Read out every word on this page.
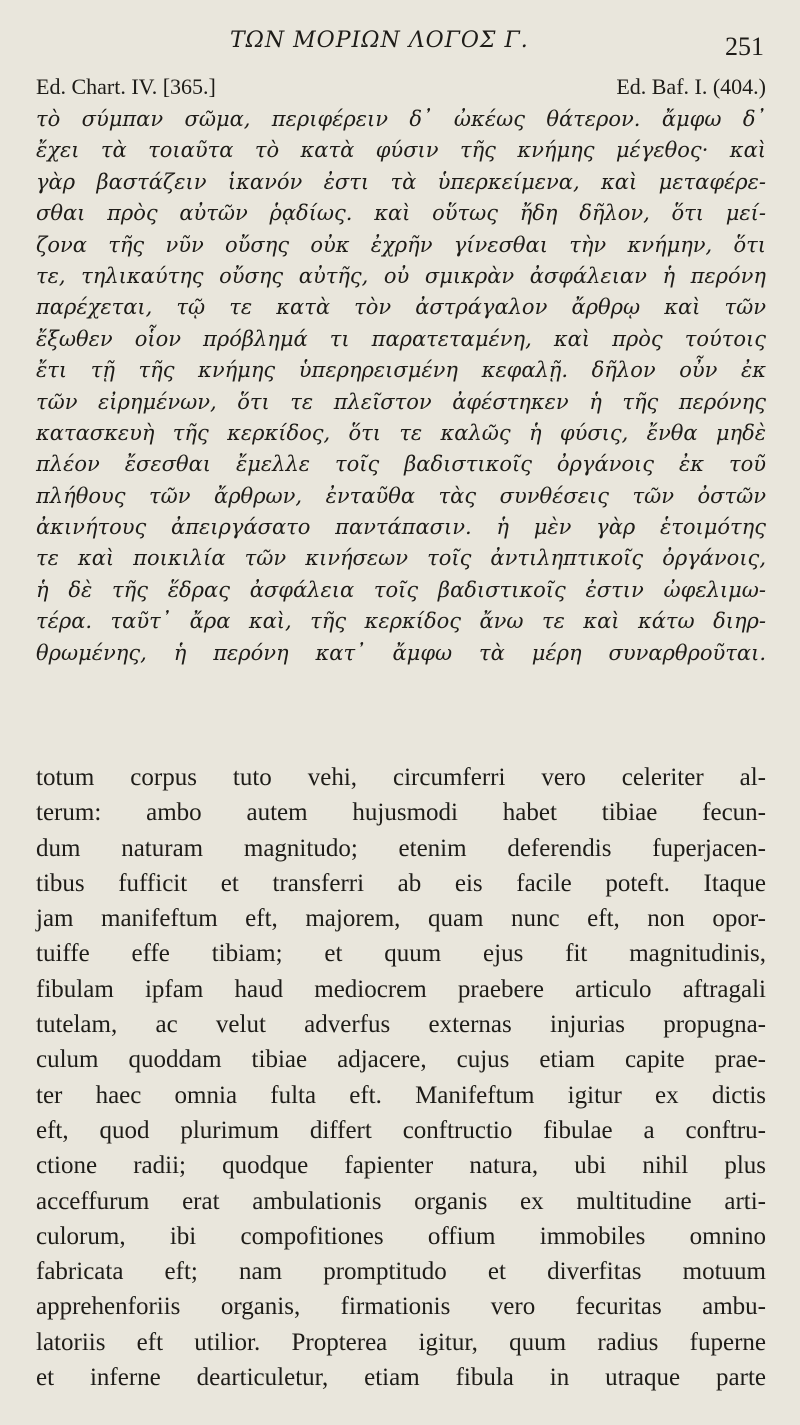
ΤΩΝ ΜΟΡΙΩΝ ΛΟΓΟΣ Γ.	251
Ed. Chart. IV. [365.]	Ed. Baf. I. (404.)
τὸ σύμπαν σῶμα, περιφέρειν δ᾽ ὠκέως θάτερον. ἄμφω δ᾽
ἔχει τὰ τοιαῦτα τὸ κατὰ φύσιν τῆς κνήμης μέγεθος· καὶ
γὰρ βαστάζειν ἱκανόν ἐστι τὰ ὑπερκείμενα, καὶ μεταφέρε-
σθαι πρὸς αὐτῶν ῥᾳδίως. καὶ οὕτως ἤδη δῆλον, ὅτι μεί-
ζονα τῆς νῦν οὔσης οὐκ ἐχρῆν γίνεσθαι τὴν κνήμην, ὅτι
τε, τηλικαύτης οὔσης αὐτῆς, οὐ σμικρὰν ἀσφάλειαν ἡ περόνη
παρέχεται, τῷ τε κατὰ τὸν ἀστράγαλον ἄρθρῳ καὶ τῶν
ἔξωθεν οἷον πρόβλημά τι παρατεταμένη, καὶ πρὸς τούτοις
ἔτι τῇ τῆς κνήμης ὑπερηρεισμένη κεφαλῇ. δῆλον οὖν ἐκ
τῶν εἰρημένων, ὅτι τε πλεῖστον ἀφέστηκεν ἡ τῆς περόνης
κατασκευὴ τῆς κερκίδος, ὅτι τε καλῶς ἡ φύσις, ἔνθα μηδὲ
πλέον ἔσεσθαι ἔμελλε τοῖς βαδιστικοῖς ὀργάνοις ἐκ τοῦ
πλήθους τῶν ἄρθρων, ἐνταῦθα τὰς συνθέσεις τῶν ὀστῶν
ἀκινήτους ἀπειργάσατο παντάπασιν. ἡ μὲν γὰρ ἑτοιμότης
τε καὶ ποικιλία τῶν κινήσεων τοῖς ἀντιληπτικοῖς ὀργάνοις,
ἡ δὲ τῆς ἕδρας ἀσφάλεια τοῖς βαδιστικοῖς ἐστιν ὠφελιμω-
τέρα. ταῦτ᾽ ἄρα καὶ, τῆς κερκίδος ἄνω τε καὶ κάτω διηρ-
θρωμένης, ἡ περόνη κατ᾽ ἄμφω τὰ μέρη συναρθροῦται.
totum corpus tuto vehi, circumferri vero celeriter al-
terum: ambo autem hujusmodi habet tibiae fecun-
dum naturam magnitudo; etenim deferendis fuperjacen-
tibus fufficit et transferri ab eis facile poteft. Itaque
jam manifeftum eft, majorem, quam nunc eft, non opor-
tuiffe effe tibiam; et quum ejus fit magnitudinis,
fibulam ipfam haud mediocrem praebere articulo aftragali
tutelam, ac velut adverfus externas injurias propugna-
culum quoddam tibiae adjacere, cujus etiam capite prae-
ter haec omnia fulta eft. Manifeftum igitur ex dictis
eft, quod plurimum differt conftructio fibulae a conftru-
ctione radii; quodque fapienter natura, ubi nihil plus
acceffurum erat ambulationis organis ex multitudine arti-
culorum, ibi compofitiones offium immobiles omnino
fabricata eft; nam promptitudo et diverfitas motuum
apprehenforiis organis, firmationis vero fecuritas ambu-
latoriis eft utilior. Propterea igitur, quum radius fuperne
et inferne dearticuletur, etiam fibula in utraque parte
